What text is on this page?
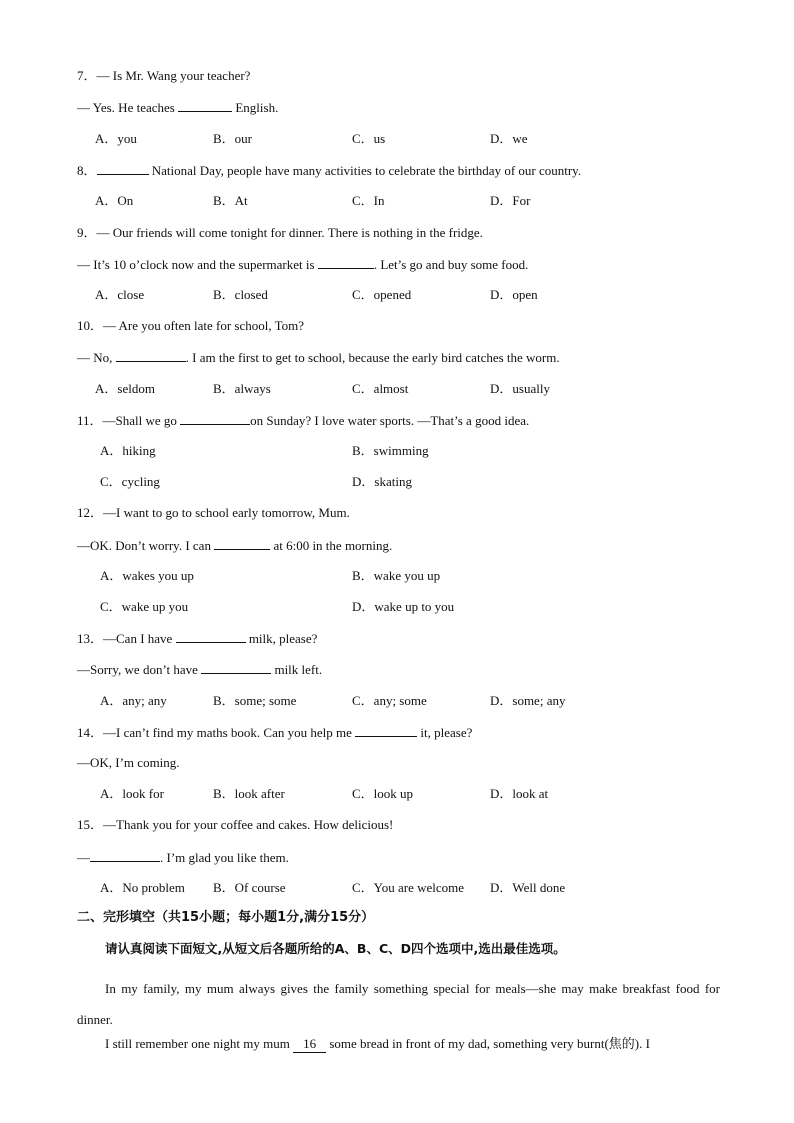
7．— Is Mr. Wang your teacher?
— Yes. He teaches	English.
A．you	B．our	C．us	D．we
8．	National Day, people have many activities to celebrate the birthday of our country.
A．On	B．At	C．In	D．For
9．— Our friends will come tonight for dinner. There is nothing in the fridge.
— It’s 10 o’clock now and the supermarket is	. Let’s go and buy some food.
A．close	B．closed	C．opened	D．open
10．— Are you often late for school, Tom?
— No,	. I am the first to get to school, because the early bird catches the worm.
A．seldom	B．always	C．almost	D．usually
11．—Shall we go	on Sunday? I love water sports. —That’s a good idea.
A．hiking	B．swimming
C．cycling	D．skating
12．—I want to go to school early tomorrow, Mum.
—OK. Don’t worry. I can	at 6:00 in the morning.
A．wakes you up	B．wake you up
C．wake up you	D．wake up to you
13．—Can I have	milk, please?
—Sorry, we don’t have	milk left.
A．any; any	B．some; some	C．any; some	D．some; any
14．—I can’t find my maths book. Can you help me	it, please?
—OK, I’m coming.
A．look for	B．look after	C．look up	D．look at
15．—Thank you for your coffee and cakes. How delicious!
—	. I’m glad you like them.
A．No problem B．Of course	C．You are welcome D．Well done
二、完形填空（共15小题；每小题1分,满分15分）
请认真阅读下面短文,从短文后各题所给的A、B、C、D四个选项中,选出最佳选项。
In my family, my mum always gives the family something special for meals—she may make breakfast food for dinner.
I still remember one night my mum 16 some bread in front of my dad, something very burnt(焦的). I
